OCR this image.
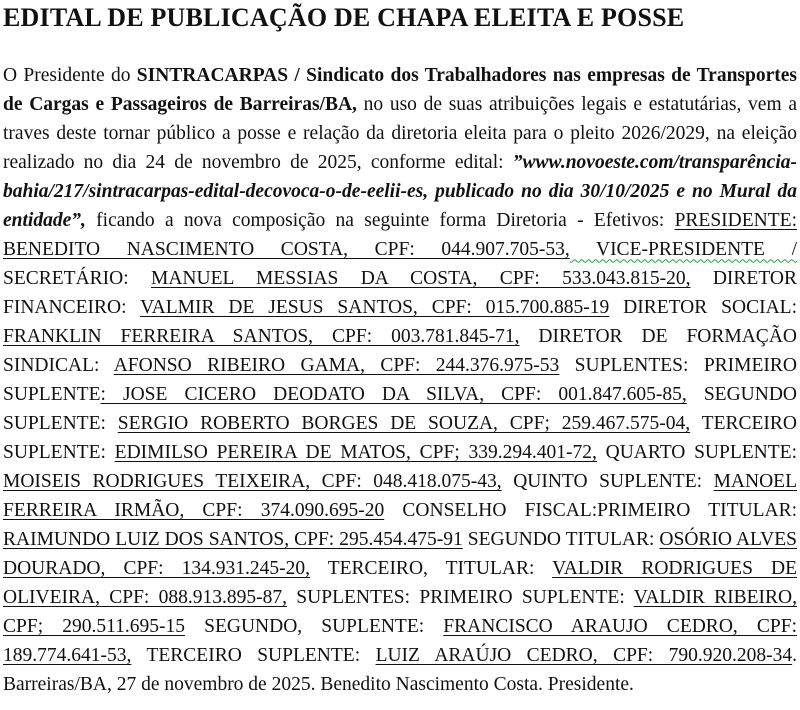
EDITAL DE PUBLICAÇÃO DE CHAPA ELEITA E POSSE

O Presidente do SINTRACARPAS / Sindicato dos Trabalhadores nas empresas de Transportes de Cargas e Passageiros de Barreiras/BA, no uso de suas atribuições legais e estatutárias, vem a traves deste tornar público a posse e relação da diretoria eleita para o pleito 2026/2029, na eleição realizado no dia 24 de novembro de 2025, conforme edital: ”www.novoeste.com/transparência-bahia/217/sintracarpas-edital-decovoca-o-de-eelii-es, publicado no dia 30/10/2025 e no Mural da entidade”, ficando a nova composição na seguinte forma Diretoria - Efetivos: PRESIDENTE: BENEDITO NASCIMENTO COSTA, CPF: 044.907.705-53, VICE-PRESIDENTE / SECRETÁRIO: MANUEL MESSIAS DA COSTA, CPF: 533.043.815-20, DIRETOR FINANCEIRO: VALMIR DE JESUS SANTOS, CPF: 015.700.885-19 DIRETOR SOCIAL: FRANKLIN FERREIRA SANTOS, CPF: 003.781.845-71, DIRETOR DE FORMAÇÃO SINDICAL: AFONSO RIBEIRO GAMA, CPF: 244.376.975-53 SUPLENTES: PRIMEIRO SUPLENTE: JOSE CICERO DEODATO DA SILVA, CPF: 001.847.605-85, SEGUNDO SUPLENTE: SERGIO ROBERTO BORGES DE SOUZA, CPF; 259.467.575-04, TERCEIRO SUPLENTE: EDIMILSO PEREIRA DE MATOS, CPF; 339.294.401-72, QUARTO SUPLENTE: MOISEIS RODRIGUES TEIXEIRA, CPF: 048.418.075-43, QUINTO SUPLENTE: MANOEL FERREIRA IRMÃO, CPF: 374.090.695-20 CONSELHO FISCAL:PRIMEIRO TITULAR: RAIMUNDO LUIZ DOS SANTOS, CPF: 295.454.475-91 SEGUNDO TITULAR: OSÓRIO ALVES DOURADO, CPF: 134.931.245-20, TERCEIRO, TITULAR: VALDIR RODRIGUES DE OLIVEIRA, CPF: 088.913.895-87, SUPLENTES: PRIMEIRO SUPLENTE: VALDIR RIBEIRO, CPF; 290.511.695-15 SEGUNDO, SUPLENTE: FRANCISCO ARAUJO CEDRO, CPF: 189.774.641-53, TERCEIRO SUPLENTE: LUIZ ARAÚJO CEDRO, CPF: 790.920.208-34. Barreiras/BA, 27 de novembro de 2025. Benedito Nascimento Costa. Presidente.
